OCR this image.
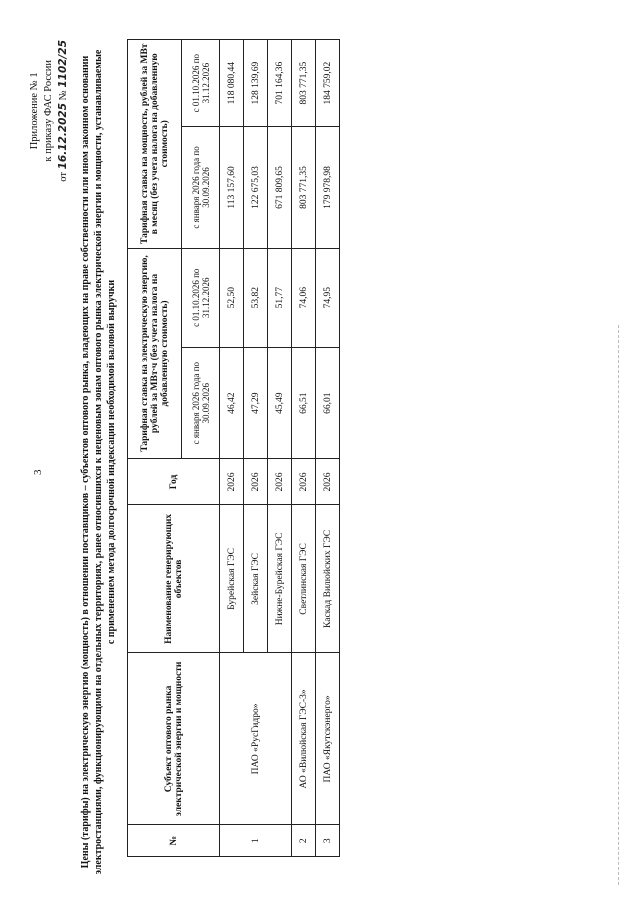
3
Приложение № 1 к приказу ФАС России
от 16.12.2025 № 1102/25 Цены (тарифы) на электрическую энергию (мощность) в отношении поставщиков – субъектов оптового рынка, владеющих на праве собственности или ином законном основании электростанциями, функционирующими на отдельных территориях, ранее относившихся к неценовым зонам оптового рынка электрической энергии и мощности, устанавливаемые с применением метода долгосрочной индексации необходимой валовой выручки
№	Субъект оптового рынка электрической энергии и мощности	Наименование генерирующих объектов	Год	Тарифная ставка на электрическую энергию, рублей за МВт∙ч (без учета налога на добавленную стоимость)		Тарифная ставка на мощность, рублей за МВт в месяц (без учета налога на добавленную стоимость)	
				с января 2026 года по 30.09.2026	с 01.10.2026 по 31.12.2026	с января 2026 года по 30.09.2026	с 01.10.2026 по 31.12.2026
1	ПАО «РусГидро»	Бурейская ГЭС	2026	46,42	52,50	113 157,60	118 080,44
		Зейская ГЭС	2026	47,29	53,82	122 675,03	128 139,69
		Нижне-Бурейская ГЭС	2026	45,49	51,77	671 809,65	701 164,36
2	АО «Вилюйская ГЭС-3»	Светлинская ГЭС	2026	66,51	74,06	803 771,35	803 771,35
3	ПАО «Якутскэнерго»	Каскад Вилюйских ГЭС	2026	66,01	74,95	179 978,98	184 759,02
